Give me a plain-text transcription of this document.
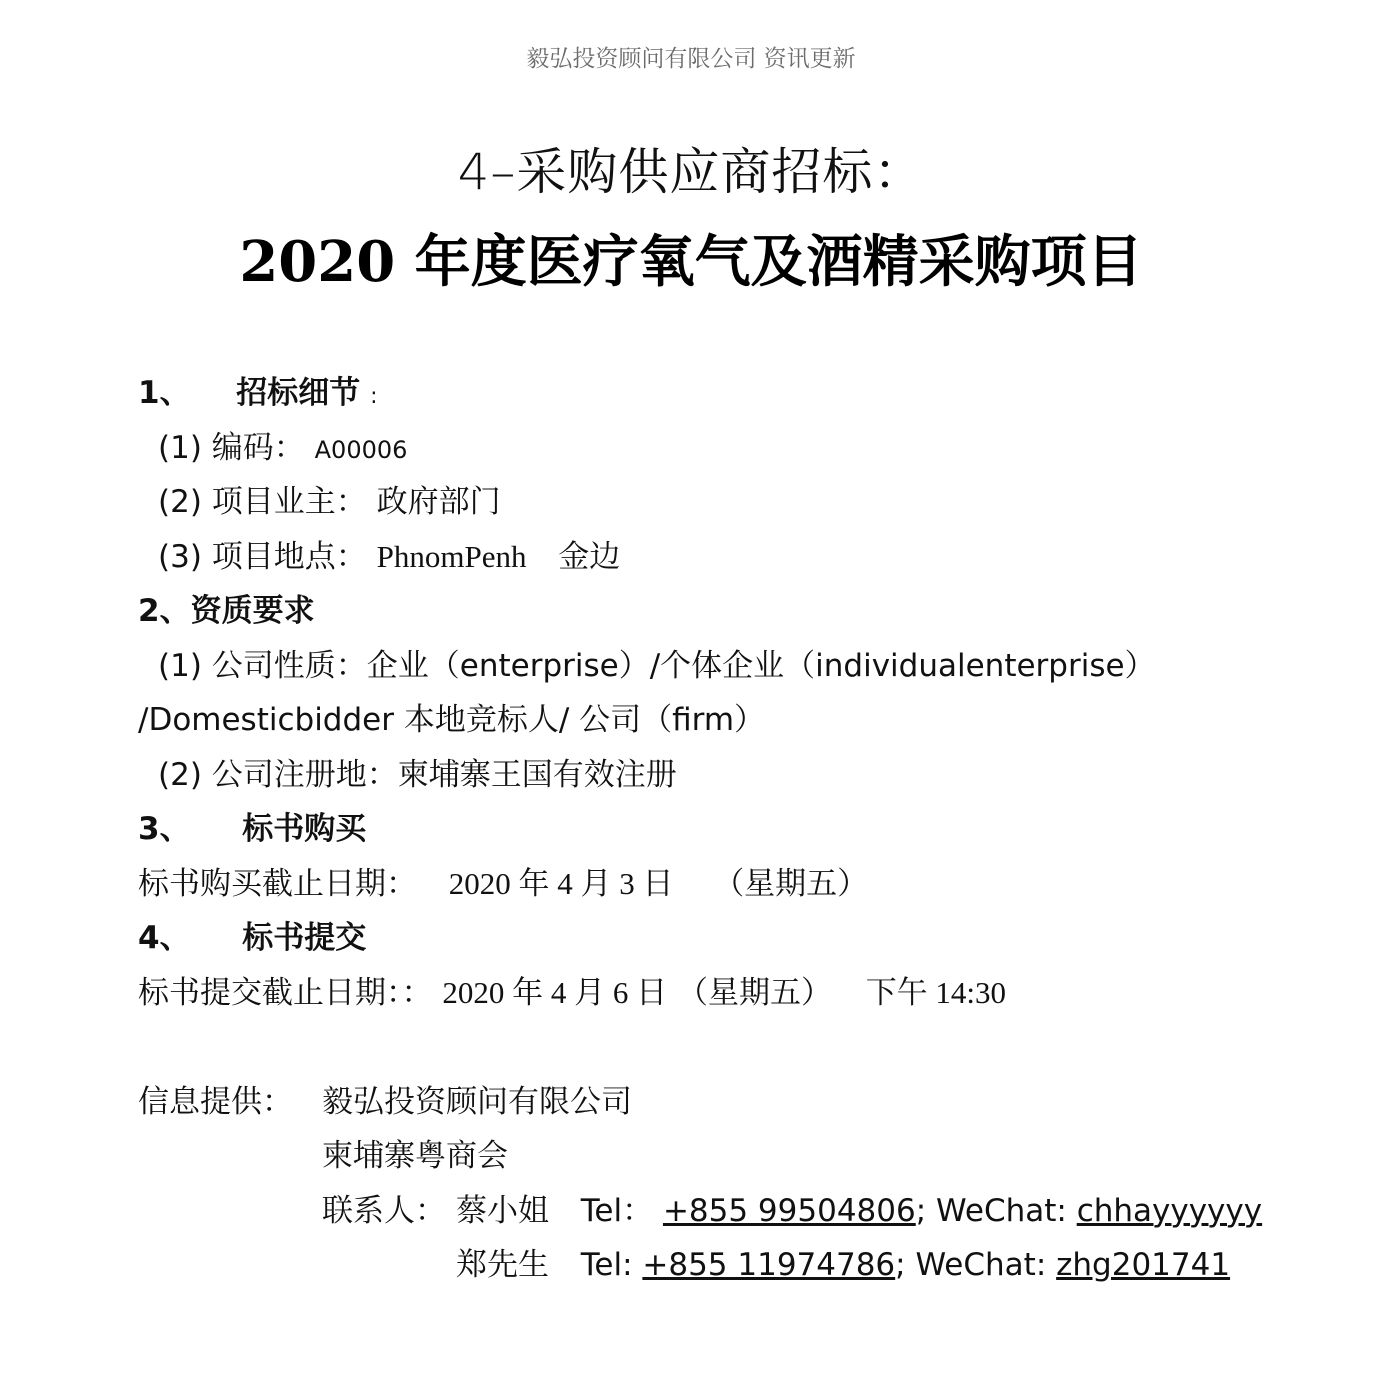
毅弘投资顾问有限公司 资讯更新
4–采购供应商招标：
2020 年度医疗氧气及酒精采购项目
1、 招标细节 :
(1) 编码： A00006
(2) 项目业主： 政府部门
(3) 项目地点： PhnomPenh 金边
2、资质要求
(1) 公司性质：企业（enterprise）/个体企业（individualenterprise）
/Domesticbidder 本地竞标人/ 公司（firm）
(2) 公司注册地：柬埔寨王国有效注册
3、 标书购买
标书购买截止日期： 2020 年 4 月 3 日 （星期五）
4、 标书提交
标书提交截止日期：： 2020 年 4 月 6 日 （星期五） 下午 14:30
信息提供： 毅弘投资顾问有限公司
柬埔寨粤商会
联系人： 蔡小姐 Tel： +855 99504806; WeChat: chhayyyyyy
郑先生 Tel: +855 11974786; WeChat: zhg201741
